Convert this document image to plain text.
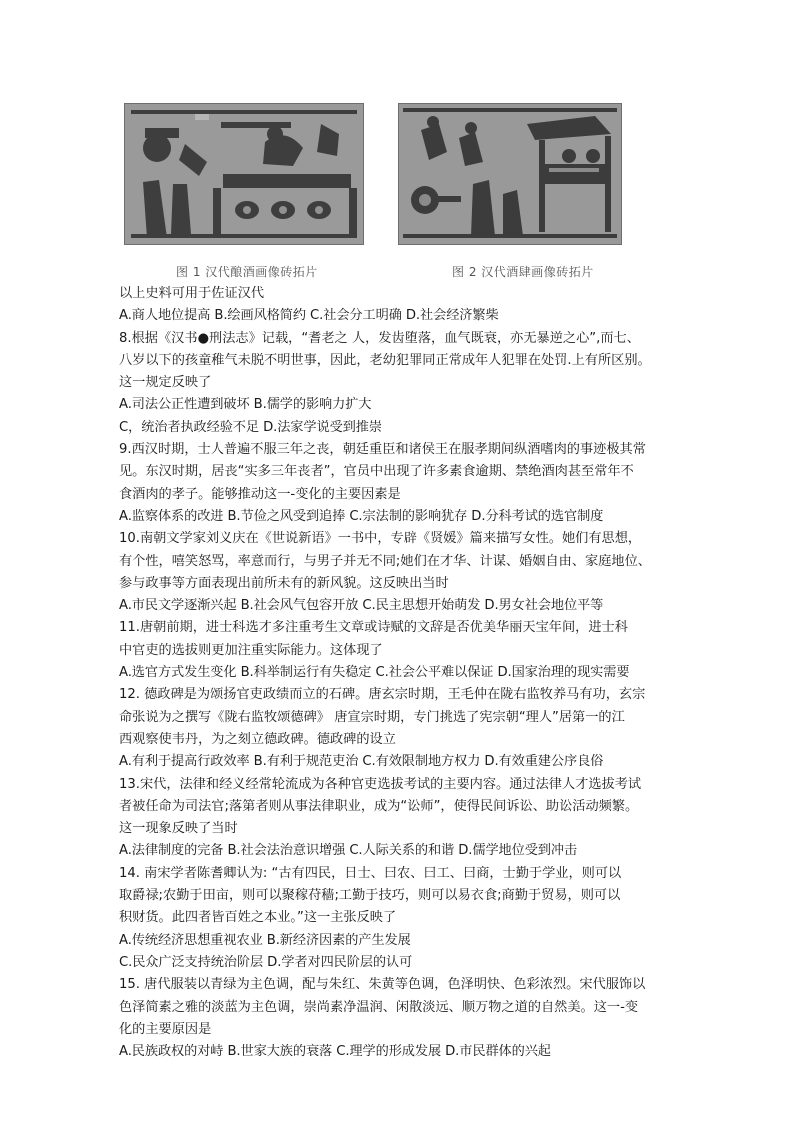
图 1 汉代酿酒画像砖拓片	图 2 汉代酒肆画像砖拓片
以上史料可用于佐证汉代
A.商人地位提高 B.绘画风格简约 C.社会分工明确 D.社会经济繁柴
8.根据《汉书●刑法志》记载，“耆老之 人，发齿堕落，血气既衰，亦无暴逆之心”,而七、
八岁以下的孩童稚气未脱不明世事，因此，老幼犯罪同正常成年人犯罪在处罚.上有所区别。
这一规定反映了
A.司法公正性遭到破坏 B.儒学的影响力扩大
C，统治者执政经验不足 D.法家学说受到推崇
9.西汉时期，士人普遍不服三年之丧，朝廷重臣和诸侯王在服孝期间纵酒嗜肉的事迹极其常
见。东汉时期，居丧“实多三年丧者”，官员中出现了许多素食逾期、禁绝酒肉甚至常年不
食酒肉的孝子。能够推动这一-变化的主要因素是
A.监察体系的改进 B.节俭之风受到追捧 C.宗法制的影响犹存 D.分科考试的选官制度
10.南朝文学家刘义庆在《世说新语》一书中，专辟《贤媛》篇来描写女性。她们有思想，
有个性，嘻笑怒骂，率意而行，与男子并无不同;她们在才华、计谋、婚姻自由、家庭地位、
参与政事等方面表现出前所未有的新风貌。这反映出当时
A.市民文学逐渐兴起 B.社会风气包容开放 C.民主思想开始萌发 D.男女社会地位平等
11.唐朝前期，进士科选才多注重考生文章或诗赋的文辞是否优美华丽天宝年间，进士科
中官吏的选拔则更加注重实际能力。这体现了
A.选官方式发生变化 B.科举制运行有失稳定 C.社会公平难以保证 D.国家治理的现实需要
12. 德政碑是为颂扬官吏政绩而立的石碑。唐玄宗时期，王毛仲在陇右监牧养马有功，玄宗
命张说为之撰写《陇右监牧颂德碑》 唐宣宗时期，专门挑选了宪宗朝“理人”居第一的江
西观察使韦丹，为之刻立德政碑。德政碑的设立
A.有利于提高行政效率 B.有利于规范吏治 C.有效限制地方权力 D.有效重建公序良俗
13.宋代，法律和经义经常轮流成为各种官吏选拔考试的主要内容。通过法律人才选拔考试
者被任命为司法官;落第者则从事法律职业，成为“讼师”，使得民间诉讼、助讼活动频繁。
这一现象反映了当时
A.法律制度的完备 B.社会法治意识增强 C.人际关系的和谐 D.儒学地位受到冲击
14. 南宋学者陈耆卿认为: “古有四民，日士、曰农、曰工、曰商，士勤于学业，则可以
取爵禄;农勤于田亩，则可以聚稼苻穑;工勤于技巧，则可以易衣食;商勤于贸易，则可以
积财货。此四者皆百姓之本业。”这一主张反映了
A.传统经济思想重视农业 B.新经济因素的产生发展
C.民众广泛支持统治阶层 D.学者对四民阶层的认可
15. 唐代服装以青绿为主色调，配与朱红、朱黄等色调，色泽明快、色彩浓烈。宋代服饰以
色泽简素之雅的淡蓝为主色调，崇尚素净温润、闲散淡远、顺万物之道的自然美。这一-变
化的主要原因是
A.民族政权的对峙 B.世家大族的衰落 C.理学的形成发展 D.市民群体的兴起
